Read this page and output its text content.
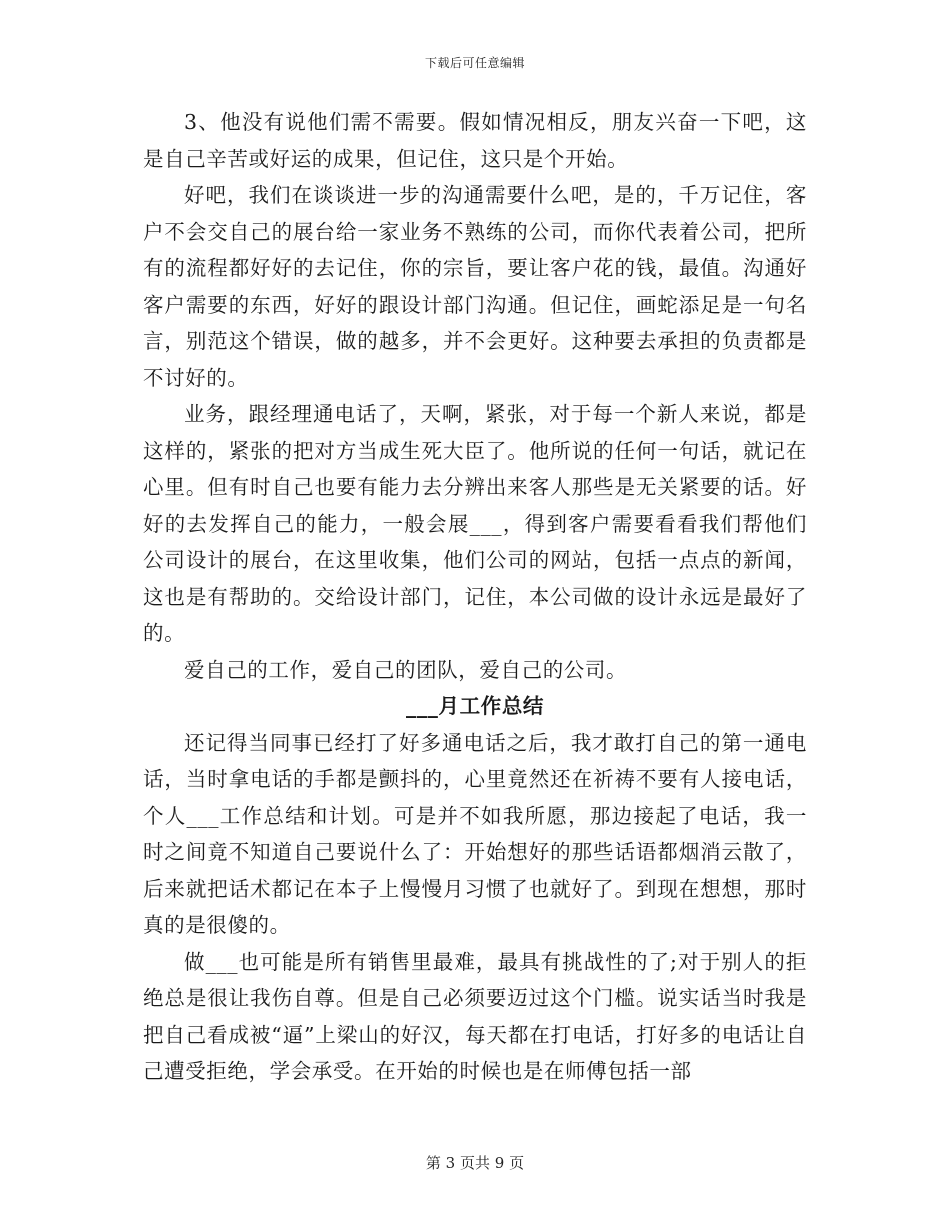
下载后可任意编辑

3、他没有说他们需不需要。假如情况相反，朋友兴奋一下吧，这是自己辛苦或好运的成果，但记住，这只是个开始。

好吧，我们在谈谈进一步的沟通需要什么吧，是的，千万记住，客户不会交自己的展台给一家业务不熟练的公司，而你代表着公司，把所有的流程都好好的去记住，你的宗旨，要让客户花的钱，最值。沟通好客户需要的东西，好好的跟设计部门沟通。但记住，画蛇添足是一句名言，别范这个错误，做的越多，并不会更好。这种要去承担的负责都是不讨好的。

业务，跟经理通电话了，天啊，紧张，对于每一个新人来说，都是这样的，紧张的把对方当成生死大臣了。他所说的任何一句话，就记在心里。但有时自己也要有能力去分辨出来客人那些是无关紧要的话。好好的去发挥自己的能力，一般会展___，得到客户需要看看我们帮他们公司设计的展台，在这里收集，他们公司的网站，包括一点点的新闻，这也是有帮助的。交给设计部门，记住，本公司做的设计永远是最好了的。

爱自己的工作，爱自己的团队，爱自己的公司。

___月工作总结

还记得当同事已经打了好多通电话之后，我才敢打自己的第一通电话，当时拿电话的手都是颤抖的，心里竟然还在祈祷不要有人接电话，个人___工作总结和计划。可是并不如我所愿，那边接起了电话，我一时之间竟不知道自己要说什么了：开始想好的那些话语都烟消云散了，后来就把话术都记在本子上慢慢月习惯了也就好了。到现在想想，那时真的是很傻的。

做___也可能是所有销售里最难，最具有挑战性的了;对于别人的拒绝总是很让我伤自尊。但是自己必须要迈过这个门槛。说实话当时我是把自己看成被“逼”上梁山的好汉，每天都在打电话，打好多的电话让自己遭受拒绝，学会承受。在开始的时候也是在师傅包括一部

第 3 页共 9 页
